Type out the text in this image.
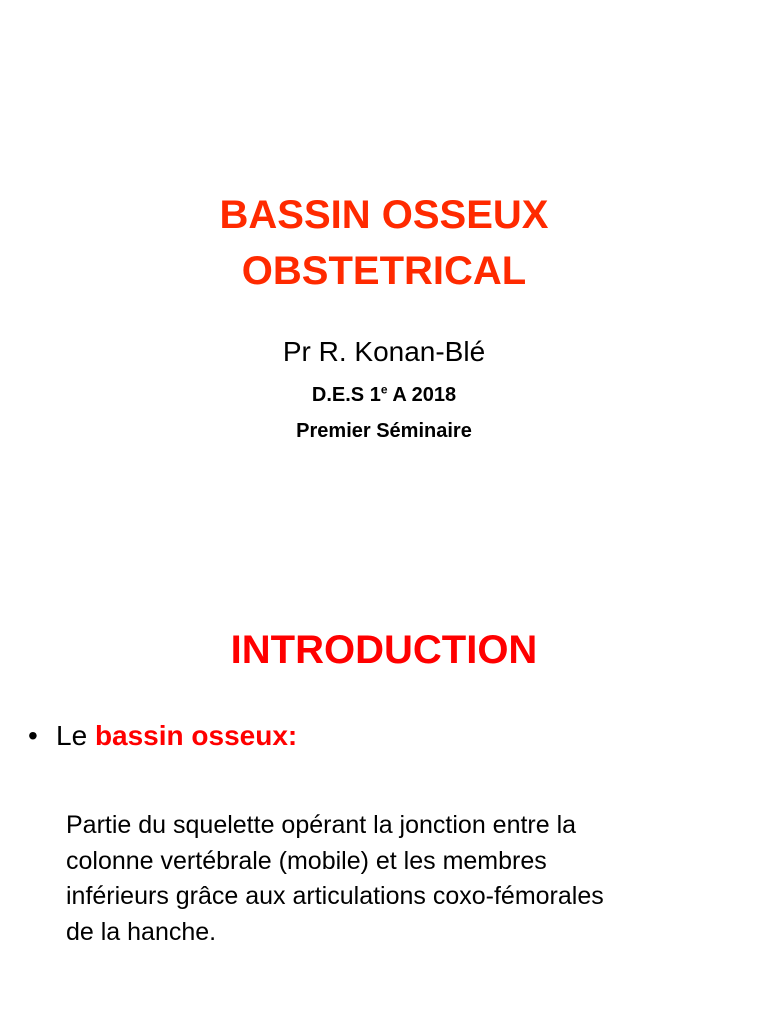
BASSIN OSSEUX
OBSTETRICAL
Pr R. Konan-Blé
D.E.S 1e A 2018
Premier Séminaire
INTRODUCTION
• Le bassin osseux:
Partie du squelette opérant la jonction entre la
colonne vertébrale (mobile) et les membres
inférieurs grâce aux articulations coxo-fémorales
de la hanche.
